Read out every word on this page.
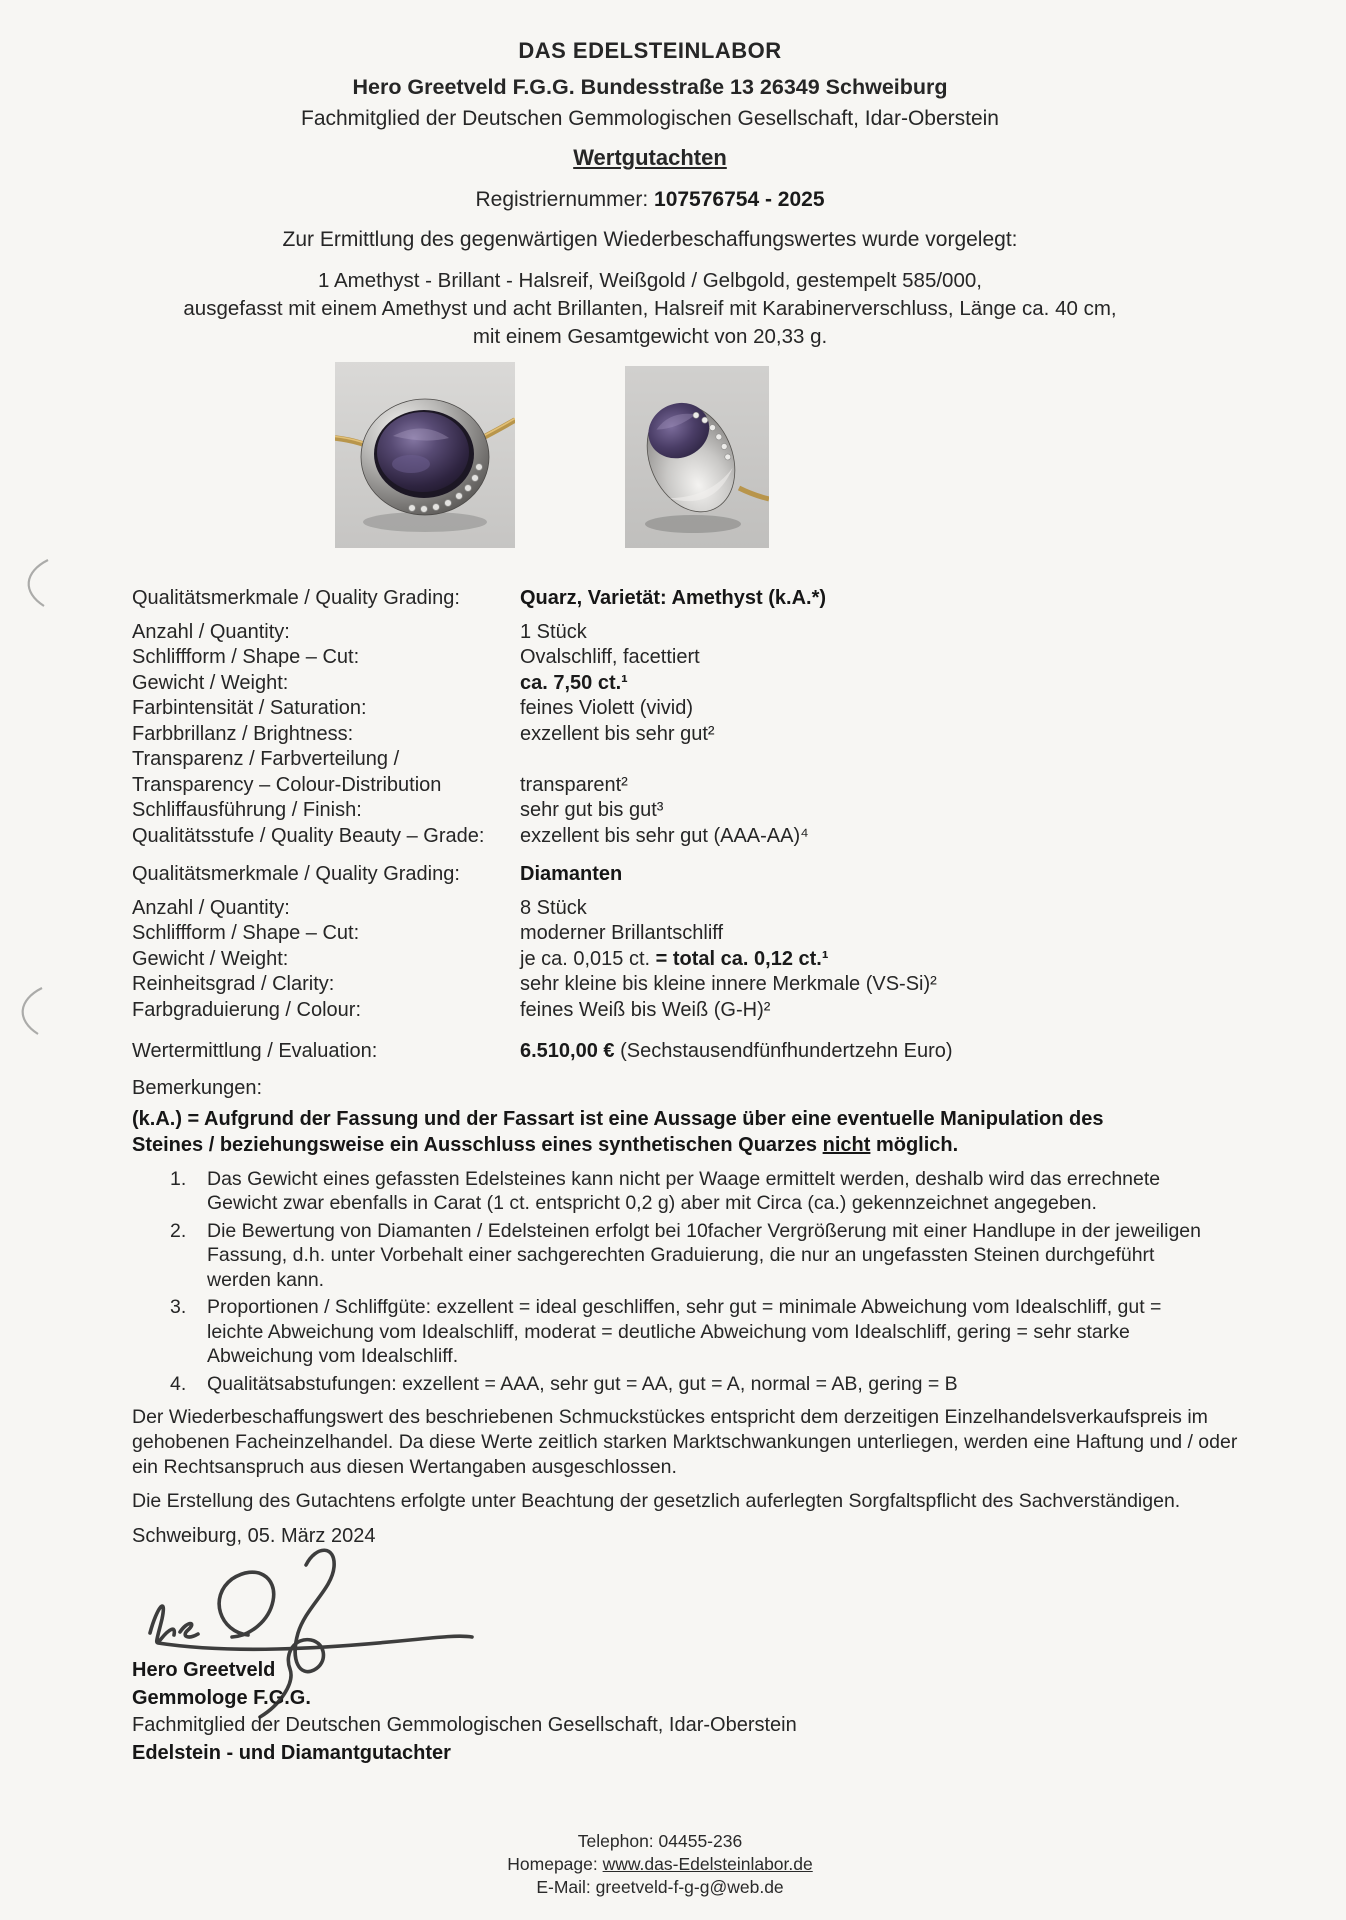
DAS EDELSTEINLABOR
Hero Greetveld F.G.G. Bundesstraße 13 26349 Schweiburg
Fachmitglied der Deutschen Gemmologischen Gesellschaft, Idar-Oberstein
Wertgutachten
Registriernummer: 107576754 - 2025
Zur Ermittlung des gegenwärtigen Wiederbeschaffungswertes wurde vorgelegt:
1 Amethyst - Brillant - Halsreif, Weißgold / Gelbgold, gestempelt 585/000,
ausgefasst mit einem Amethyst und acht Brillanten, Halsreif mit Karabinerverschluss, Länge ca. 40 cm,
mit einem Gesamtgewicht von 20,33 g.
Qualitätsmerkmale / Quality Grading:	Quarz, Varietät: Amethyst (k.A.*)
Anzahl / Quantity:	1 Stück
Schliffform / Shape – Cut:	Ovalschliff, facettiert
Gewicht / Weight:	ca. 7,50 ct.¹
Farbintensität / Saturation:	feines Violett (vivid)
Farbbrillanz / Brightness:	exzellent bis sehr gut²
Transparenz / Farbverteilung /
Transparency – Colour-Distribution	transparent²
Schliffausführung / Finish:	sehr gut bis gut³
Qualitätsstufe / Quality Beauty – Grade:	exzellent bis sehr gut (AAA-AA)⁴
Qualitätsmerkmale / Quality Grading:	Diamanten
Anzahl / Quantity:	8 Stück
Schliffform / Shape – Cut:	moderner Brillantschliff
Gewicht / Weight:	je ca. 0,015 ct. = total ca. 0,12 ct.¹
Reinheitsgrad / Clarity:	sehr kleine bis kleine innere Merkmale (VS-Si)²
Farbgraduierung / Colour:	feines Weiß bis Weiß (G-H)²
Wertermittlung / Evaluation:	6.510,00 € (Sechstausendfünfhundertzehn Euro)
Bemerkungen:
(k.A.) = Aufgrund der Fassung und der Fassart ist eine Aussage über eine eventuelle Manipulation des
Steines / beziehungsweise ein Ausschluss eines synthetischen Quarzes nicht möglich.
1.	Das Gewicht eines gefassten Edelsteines kann nicht per Waage ermittelt werden, deshalb wird das errechnete Gewicht zwar ebenfalls in Carat (1 ct. entspricht 0,2 g) aber mit Circa (ca.) gekennzeichnet angegeben.
2.	Die Bewertung von Diamanten / Edelsteinen erfolgt bei 10facher Vergrößerung mit einer Handlupe in der jeweiligen Fassung, d.h. unter Vorbehalt einer sachgerechten Graduierung, die nur an ungefassten Steinen durchgeführt werden kann.
3.	Proportionen / Schliffgüte: exzellent = ideal geschliffen, sehr gut = minimale Abweichung vom Idealschliff, gut = leichte Abweichung vom Idealschliff, moderat = deutliche Abweichung vom Idealschliff, gering = sehr starke Abweichung vom Idealschliff.
4.	Qualitätsabstufungen: exzellent = AAA, sehr gut = AA, gut = A, normal = AB, gering = B
Der Wiederbeschaffungswert des beschriebenen Schmuckstückes entspricht dem derzeitigen Einzelhandelsverkaufspreis im gehobenen Facheinzelhandel. Da diese Werte zeitlich starken Marktschwankungen unterliegen, werden eine Haftung und / oder ein Rechtsanspruch aus diesen Wertangaben ausgeschlossen.
Die Erstellung des Gutachtens erfolgte unter Beachtung der gesetzlich auferlegten Sorgfaltspflicht des Sachverständigen.
Schweiburg, 05. März 2024
Hero Greetveld
Gemmologe F.G.G.
Fachmitglied der Deutschen Gemmologischen Gesellschaft, Idar-Oberstein
Edelstein - und Diamantgutachter
Telephon: 04455-236
Homepage: www.das-Edelsteinlabor.de
E-Mail: greetveld-f-g-g@web.de
